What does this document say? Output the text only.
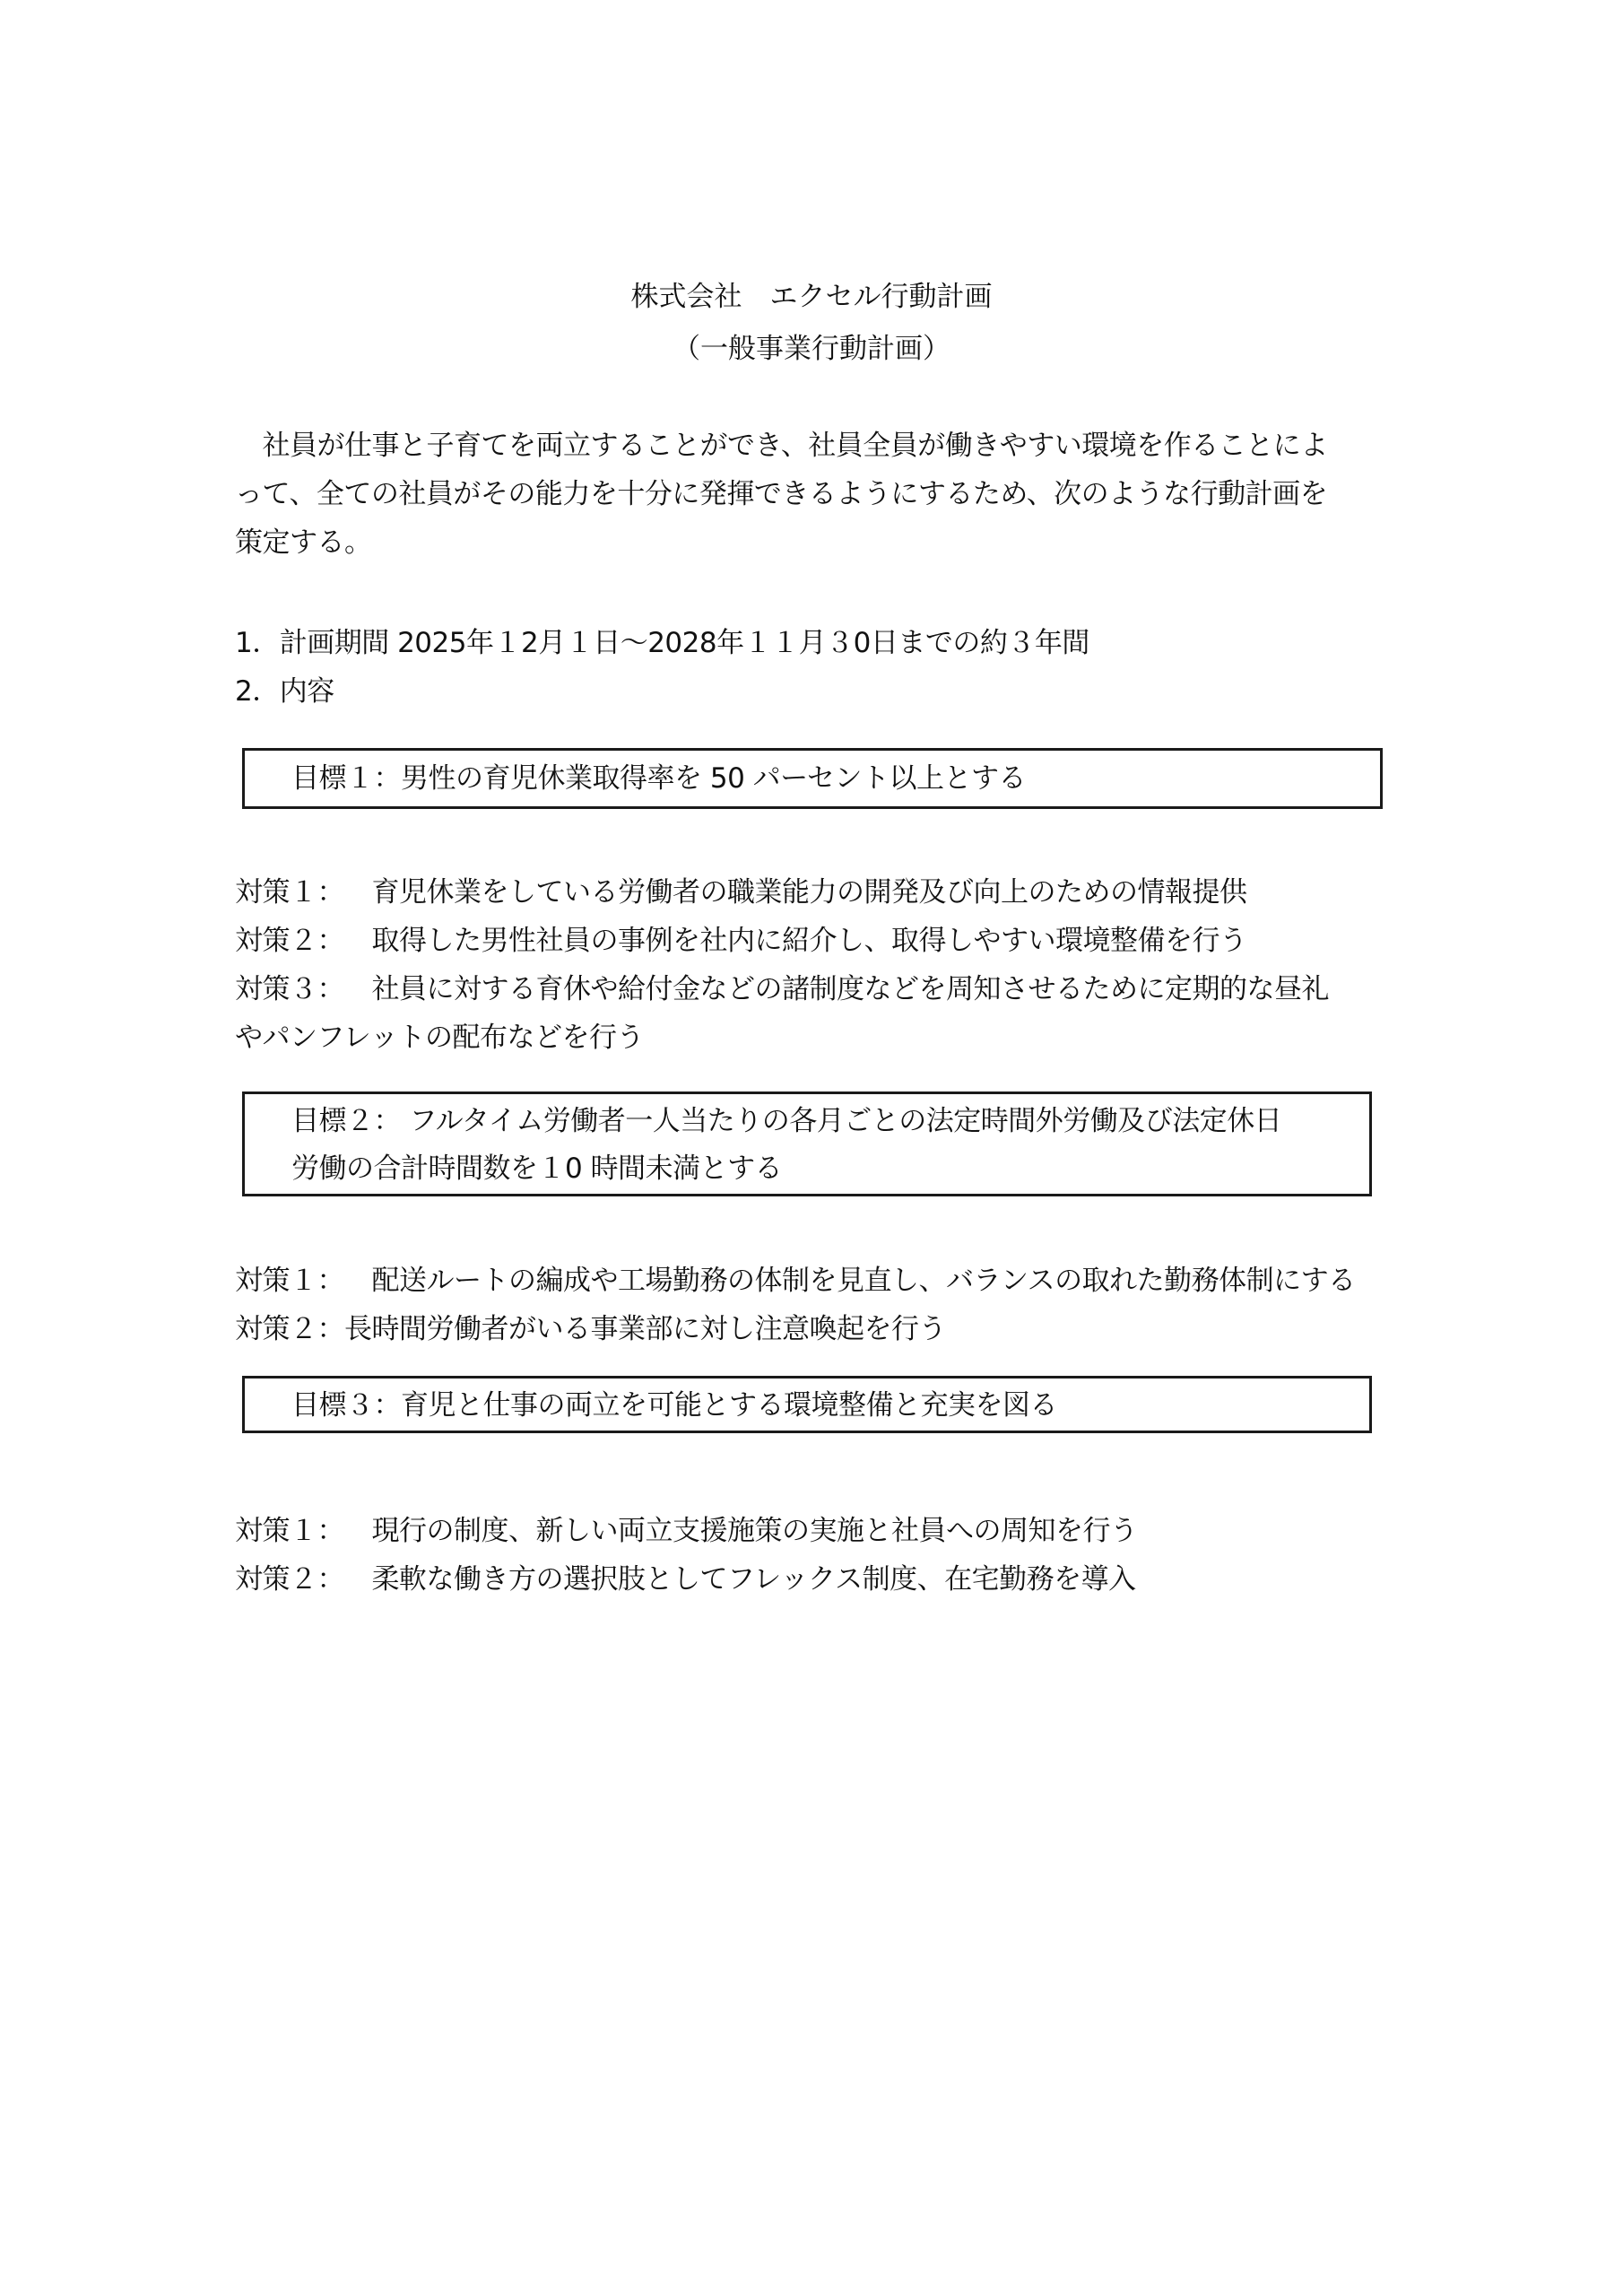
株式会社　エクセル行動計画
（一般事業行動計画）
　社員が仕事と子育てを両立することができ、社員全員が働きやすい環境を作ることによ
って、全ての社員がその能力を十分に発揮できるようにするため、次のような行動計画を
策定する。
1．計画期間 2025年１2月１日～2028年１１月３0日までの約３年間
2．内容
目標１：男性の育児休業取得率を 50 パーセント以上とする
対策１：　育児休業をしている労働者の職業能力の開発及び向上のための情報提供
対策２：　取得した男性社員の事例を社内に紹介し、取得しやすい環境整備を行う
対策３：　社員に対する育休や給付金などの諸制度などを周知させるために定期的な昼礼
やパンフレットの配布などを行う
目標２： フルタイム労働者一人当たりの各月ごとの法定時間外労働及び法定休日
労働の合計時間数を１0 時間未満とする
対策１：　配送ルートの編成や工場勤務の体制を見直し、バランスの取れた勤務体制にする
対策２：長時間労働者がいる事業部に対し注意喚起を行う
目標３：育児と仕事の両立を可能とする環境整備と充実を図る
対策１：　現行の制度、新しい両立支援施策の実施と社員への周知を行う
対策２：　柔軟な働き方の選択肢としてフレックス制度、在宅勤務を導入
